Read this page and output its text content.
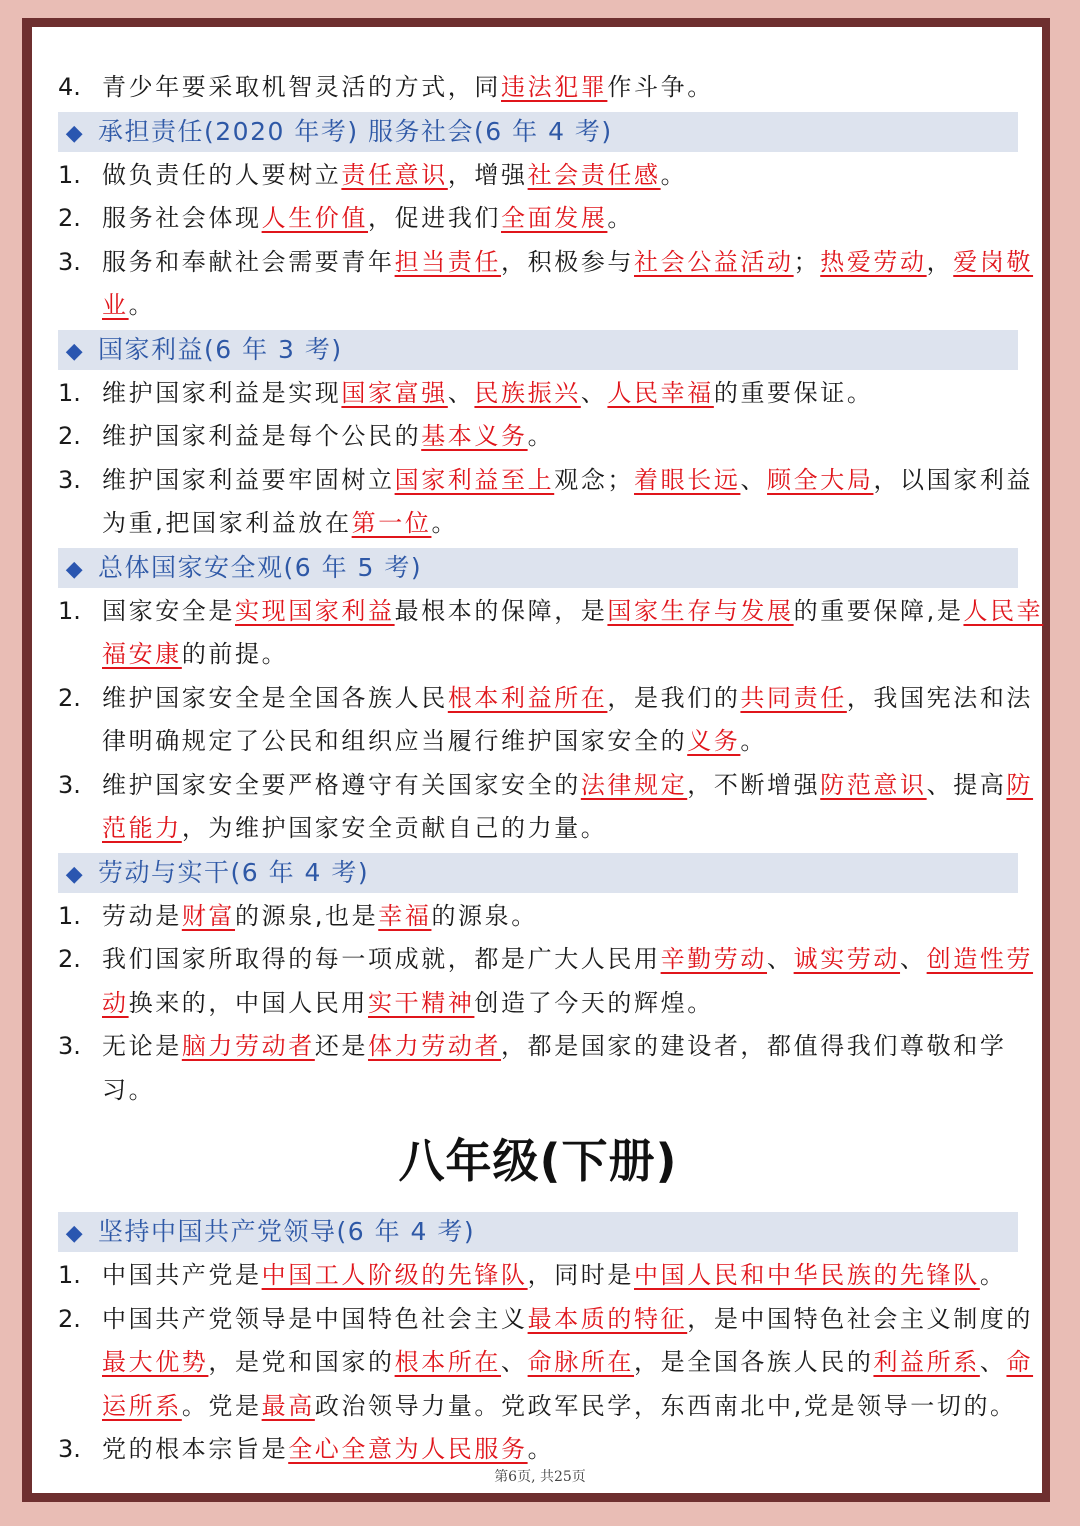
4. 青少年要采取机智灵活的方式，同违法犯罪作斗争。
◆ 承担责任(2020 年考) 服务社会(6 年 4 考)
1. 做负责任的人要树立责任意识，增强社会责任感。
2. 服务社会体现人生价值，促进我们全面发展。
3. 服务和奉献社会需要青年担当责任，积极参与社会公益活动；热爱劳动，爱岗敬
业。
◆ 国家利益(6 年 3 考)
1. 维护国家利益是实现国家富强、民族振兴、人民幸福的重要保证。
2. 维护国家利益是每个公民的基本义务。
3. 维护国家利益要牢固树立国家利益至上观念；着眼长远、顾全大局，以国家利益
为重,把国家利益放在第一位。
◆ 总体国家安全观(6 年 5 考)
1. 国家安全是实现国家利益最根本的保障，是国家生存与发展的重要保障,是人民幸
福安康的前提。
2. 维护国家安全是全国各族人民根本利益所在，是我们的共同责任，我国宪法和法
律明确规定了公民和组织应当履行维护国家安全的义务。
3. 维护国家安全要严格遵守有关国家安全的法律规定，不断增强防范意识、提高防
范能力，为维护国家安全贡献自己的力量。
◆ 劳动与实干(6 年 4 考)
1. 劳动是财富的源泉,也是幸福的源泉。
2. 我们国家所取得的每一项成就，都是广大人民用辛勤劳动、诚实劳动、创造性劳
动换来的，中国人民用实干精神创造了今天的辉煌。
3. 无论是脑力劳动者还是体力劳动者，都是国家的建设者，都值得我们尊敬和学
习。
八年级(下册)
◆ 坚持中国共产党领导(6 年 4 考)
1. 中国共产党是中国工人阶级的先锋队，同时是中国人民和中华民族的先锋队。
2. 中国共产党领导是中国特色社会主义最本质的特征，是中国特色社会主义制度的
最大优势，是党和国家的根本所在、命脉所在，是全国各族人民的利益所系、命
运所系。党是最高政治领导力量。党政军民学，东西南北中,党是领导一切的。
3. 党的根本宗旨是全心全意为人民服务。
第6页, 共25页
